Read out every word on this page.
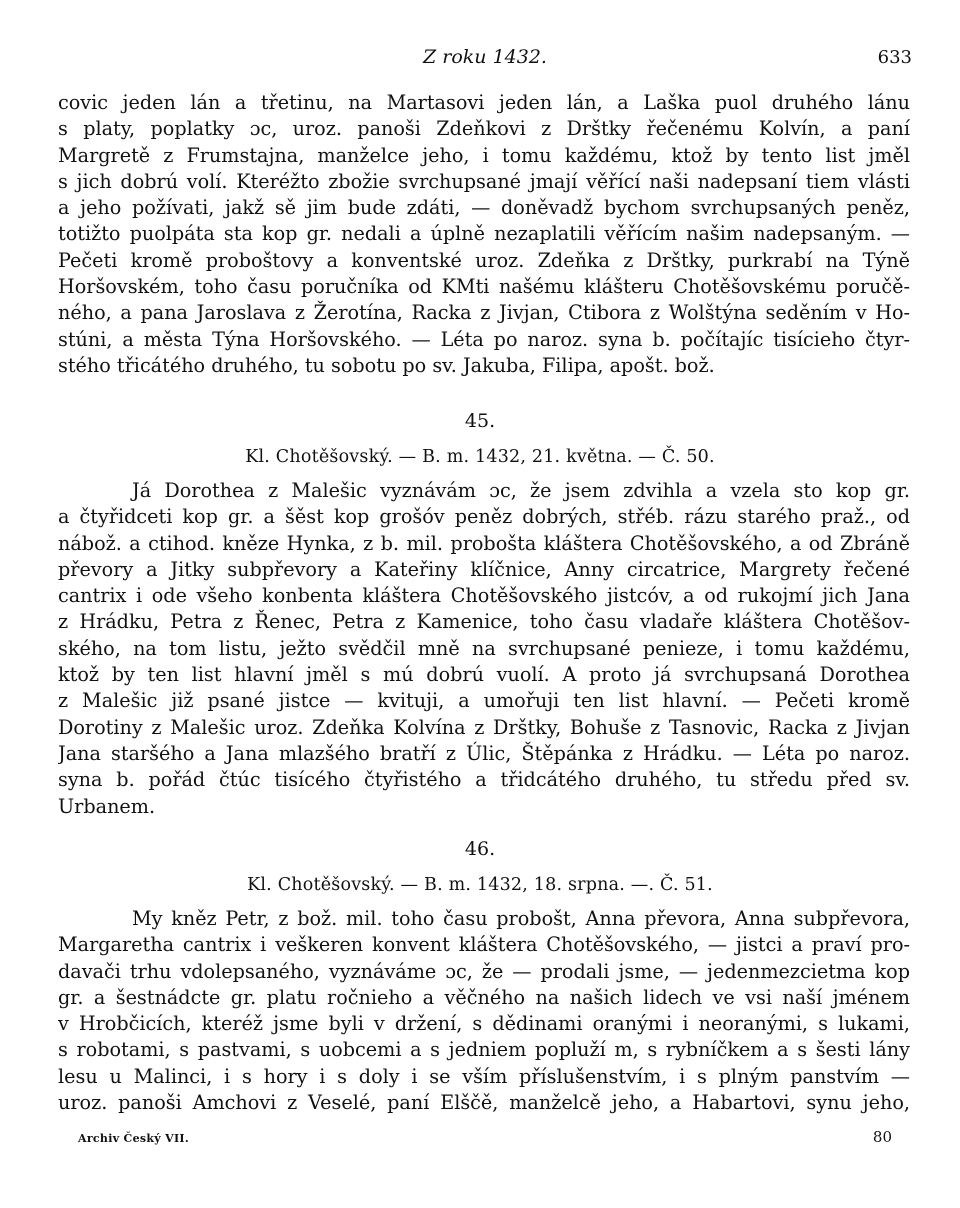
Z roku 1432.	633
covic jeden lán a třetinu, na Martasovi jeden lán, a Laška puol druhého lánu
s platy, poplatky ɔc, uroz. panoši Zdeňkovi z Drštky řečenému Kolvín, a paní
Margretě z Frumstajna, manželce jeho, i tomu každému, ktož by tento list jměl
s jich dobrú volí. Kteréžto zbožie svrchupsané jmají věřící naši nadepsaní tiem vlásti
a jeho požívati, jakž sě jim bude zdáti, — doněvadž bychom svrchupsaných peněz,
totižto puolpáta sta kop gr. nedali a úplně nezaplatili věřícím našim nadepsaným. —
Pečeti kromě proboštovy a konventské uroz. Zdeňka z Drštky, purkrabí na Týně
Horšovském, toho času poručníka od KMti našému klášteru Chotěšovskému poručě-
ného, a pana Jaroslava z Žerotína, Racka z Jivjan, Ctibora z Wolštýna seděním v Ho-
stúni, a města Týna Horšovského. — Léta po naroz. syna b. počítajíc tisícieho čtyr-
stého třicátého druhého, tu sobotu po sv. Jakuba, Filipa, apošt. bož.
45.
Kl. Chotěšovský. — B. m. 1432, 21. května. — Č. 50.
Já Dorothea z Malešic vyznávám ɔc, že jsem zdvihla a vzela sto kop gr.
a čtyřidceti kop gr. a šěst kop grošóv peněz dobrých, střéb. rázu starého praž., od
nábož. a ctihod. kněze Hynka, z b. mil. probošta kláštera Chotěšovského, a od Zbráně
převory a Jitky subpřevory a Kateřiny klíčnice, Anny circatrice, Margrety řečené
cantrix i ode všeho konbenta kláštera Chotěšovského jistcóv, a od rukojmí jich Jana
z Hrádku, Petra z Řenec, Petra z Kamenice, toho času vladaře kláštera Chotěšov-
ského, na tom listu, ježto svědčil mně na svrchupsané penieze, i tomu každému,
ktož by ten list hlavní jměl s mú dobrú vuolí. A proto já svrchupsaná Dorothea
z Malešic již psané jistce — kvituji, a umořuji ten list hlavní. — Pečeti kromě
Dorotiny z Malešic uroz. Zdeňka Kolvína z Drštky, Bohuše z Tasnovic, Racka z Jivjan
Jana staršého a Jana mlazšého bratří z Úlic, Štěpánka z Hrádku. — Léta po naroz.
syna b. pořád čtúc tisícého čtyřistého a třidcátého druhého, tu středu před sv.
Urbanem.
46.
Kl. Chotěšovský. — B. m. 1432, 18. srpna. —. Č. 51.
My kněz Petr, z bož. mil. toho času probošt, Anna převora, Anna subpřevora,
Margaretha cantrix i veškeren konvent kláštera Chotěšovského, — jistci a praví pro-
davači trhu vdolepsaného, vyznáváme ɔc, že — prodali jsme, — jedenmezcietma kop
gr. a šestnádcte gr. platu ročnieho a věčného na našich lidech ve vsi naší jménem
v Hrobčicích, kteréž jsme byli v držení, s dědinami oranými i neoranými, s lukami,
s robotami, s pastvami, s uobcemi a s jedniem popluží m, s rybníčkem a s šesti lány
lesu u Malinci, i s hory i s doly i se vším příslušenstvím, i s plným panstvím —
uroz. panoši Amchovi z Veselé, paní Elščě, manželcě jeho, a Habartovi, synu jeho,
Archiv Český VII.	80
